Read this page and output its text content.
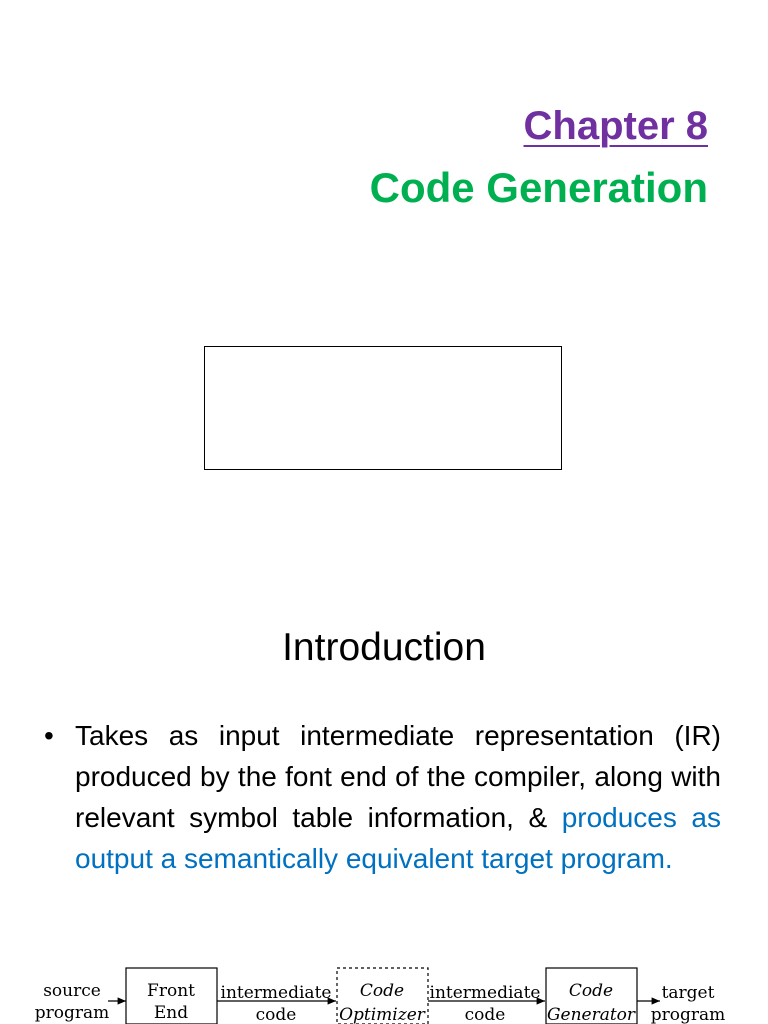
Chapter 8
Code Generation
Introduction
• Takes as input intermediate representation (IR) produced by the font end of the compiler, along with relevant symbol table information, & produces as output a semantically equivalent target program.
source
program
Front
End
intermediate
code
Code
Optimizer
intermediate
code
Code
Generator
target
program
